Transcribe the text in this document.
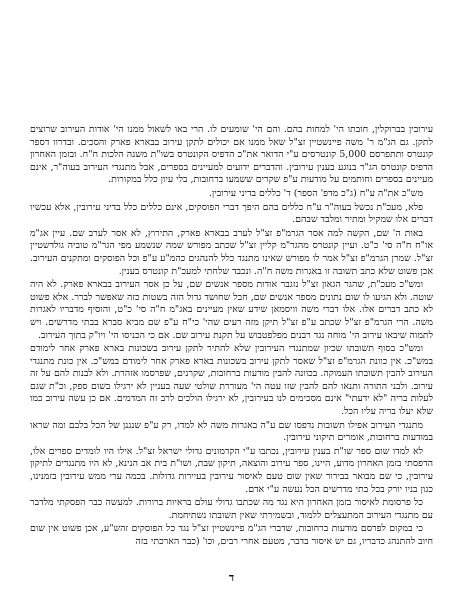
עירובין בברוקלין, חובתו הי' למחות בהם. והם הי' שומעים לו. הרי באו לשאול ממנו הי' אודות העירוב שרוצים לתקן. גם הג"מ ר' משה פיינשטיין זצ"ל שאל ממנו אם יכולים לתקן עירוב בבארא פארק והסכים. ובדרוו דספר קונטרס ותתפרסם 5,000 קונטרסים ע"י הדואר את"כ הדפיס הקונטרס בשו"ת משנה הלכות ח"ח. ובזמן האחרון הדפיס קונטרס הג"ר בנוגע בענין עירובין. והדברים ידועים למעיינים בספרים, אבל מתנגדי העירוב בעוה"ר, אינם מעיינים בספרים וחותמים על מודעות ע"פ שקרים ששמעו ברחובות, בלי עיון כלל במקורות.

מש"כ את"ה ע"ח (ג"כ מדפ' הספר) ד' כללים בדיני עירובין.

פלא, מעכ"ת נכשל בעוה"ר ע"ח כללים בהם היפך דברי הפוסקים, אינם כללים כלל בדיני עירובין, אלא עכשיו דברים אלו שמקיל ומתיר ומלבד שבהם.

באות ה' שם, הקשה למה אסר הגרמ"פ זצ"ל לערב בבארא פארק, התירוץ, לא אסר לערב שם. עיין אג"מ או"ח ח"ה סי' כ"ט. ועיין קונטרס מהגר"מ קליין זצ"ל שכתב מפורש שמה שנשמע מפי הגר"מ טוביה גולדשטיין זצ"ל. שמרן הגרמ"פ זצ"ל אמר לו מפורש שאינו מתנגד כלל להנהגים כהמ"ע ע"פ וכל הפוסקים ומתקנים העירוב. אכן פשוט שלא כתב תשובה זו באגרות משה ח"ה. ונכבד שלחתי למעכ"ת קונטרס בענין.

ומש"כ מעכ"ת, שהגר הגאון זצ"ל נזגבר אודות מספר אנשים שם, על כן אסר העירוב בבארא פארק. לא היה שוטה. ולא הגיעו לו שום נתונים מספר אנשים שם, חבל שחושד גדול הזה בשטות כזה שאפשר לברר. אלא פשוט לא כתב דברים אלו. אלו דברי משה וויסמאן שידע שאין מעיינים באג"מ ח"ה סי' כ"ט, והוסיף מדבריו לאגרות משה. הרי הגרמ"פ זצ"ל שכתב ע"פ זצ"ל תיקן מזה רעים שהי' כי"ח ע"פ שם מביא סברא בבתי מדרשים. ויש לתמוה שיבאו עירוב הי' מוחה נגד רבנים מפלפטבוש על תקנת עירוב שם. אם כי הכניסו הי' ויו"ק בתוך העירוב.

ומש"כ בסוף תשובתו שכיון שמתנגדי העירובין שלא להתיר לתקן עירוב בשכונות בארא פארק אחר לימודם במש"כ. אין כוונת הגרמ"פ זצ"ל שאסר לתקן עירוב בשכונות בארא פארק אחר לימודם במש"כ. אין כונת מתנגדי העירוב להבין תשובתו העמוקה. בכוונה להבין מודעות ברחובות, שקרנים, שפרסמו אזהרת. ולא לבנות להם על זה עירוב. ולבני התורה ותנאו להם להבין שזו עטה הי' מעוררת שולטי שעה בעניין לא ירגילו בשום ספק, וכ"ת שגם לעלות בריה "לא ידעתי" אינם מסכימים לנו בעירובין, לא ירגילו הולכים לרב זה המדמים. אם כן עשה עירוב כמו שלא יעלו בריה עליו הכל.

מתנגדי העירוב אפילו תשובות נדפסו שם ע"ה באגרות משה לא למדו, רק ע"פ שנגנן של הכל בלבם ומה שראו במודעות ברחובות, אומרים תיקוני עירובין.

לא למדו שום ספר שו"ת בענין עירובין, נכתבו ע"י הקדמונים גדולי ישראל זצ"ל. אילו היו לומדים ספרים אלו, הדפסתי בזמן האחרון מדוע, היינו, ספר עירוב והוצאה, תיקון שבת, ושו"ת בית אב הנינא, לא היו מתנגדים לתיקון עירובין, כי שם מבואר בבירור שאין שום טעם לאיסור עירובין בעיירות גדולות. בכמה ערי ממש עירובין בזמנינו, כגון בניו יורק בכל בתי מדרשים הכל נעשה ע"י אדם.

כל פרסומת לאיסור בזמן האחרון היא נגד מה שכתבו גדולי עולם בראיות ברורות. למעשה כבר הפסקתי מלדבר עם מתנגדי העירוב המתעצלים ללמוד, ובשמירתי שאין תשובתו נשתיחמת.

כי במקום לפרסם מודעות ברחובות, שדברי הג"מ פיינשטיין זצ"ל נגד כל הפוסקים זהש"ע, אכן פשוט אין שום חיוב להתנהג כדבריו, גם יש איסור בדבר, מטעם אחרי רבים, וכו' (כבר הארכתי בזה

ד
